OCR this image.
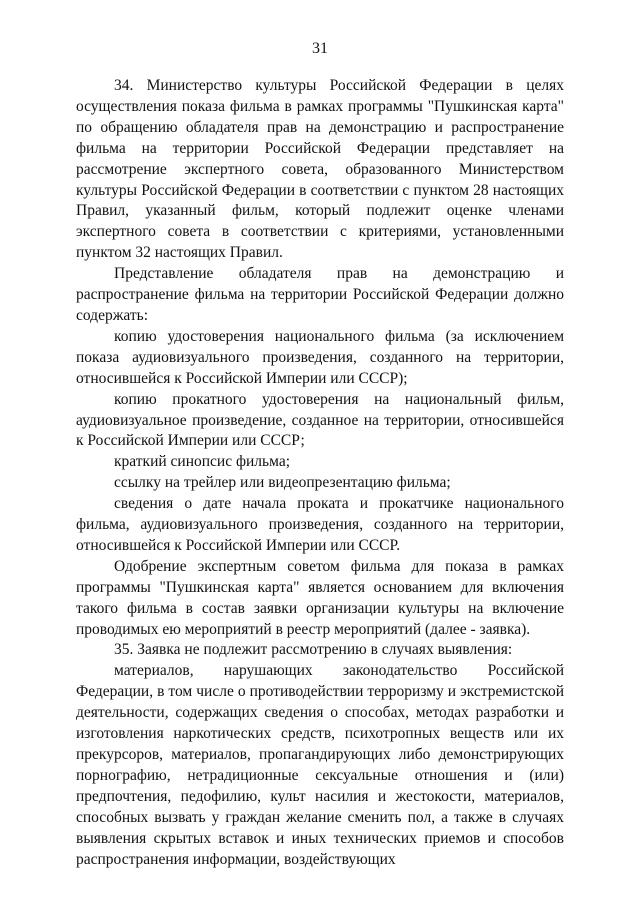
31

34. Министерство культуры Российской Федерации в целях осуществления показа фильма в рамках программы "Пушкинская карта" по обращению обладателя прав на демонстрацию и распространение фильма на территории Российской Федерации представляет на рассмотрение экспертного совета, образованного Министерством культуры Российской Федерации в соответствии с пунктом 28 настоящих Правил, указанный фильм, который подлежит оценке членами экспертного совета в соответствии с критериями, установленными пунктом 32 настоящих Правил.

Представление обладателя прав на демонстрацию и распространение фильма на территории Российской Федерации должно содержать:

копию удостоверения национального фильма (за исключением показа аудиовизуального произведения, созданного на территории, относившейся к Российской Империи или СССР);

копию прокатного удостоверения на национальный фильм, аудиовизуальное произведение, созданное на территории, относившейся к Российской Империи или СССР;

краткий синопсис фильма;

ссылку на трейлер или видеопрезентацию фильма;

сведения о дате начала проката и прокатчике национального фильма, аудиовизуального произведения, созданного на территории, относившейся к Российской Империи или СССР.

Одобрение экспертным советом фильма для показа в рамках программы "Пушкинская карта" является основанием для включения такого фильма в состав заявки организации культуры на включение проводимых ею мероприятий в реестр мероприятий (далее - заявка).

35. Заявка не подлежит рассмотрению в случаях выявления:

материалов, нарушающих законодательство Российской Федерации, в том числе о противодействии терроризму и экстремистской деятельности, содержащих сведения о способах, методах разработки и изготовления наркотических средств, психотропных веществ или их прекурсоров, материалов, пропагандирующих либо демонстрирующих порнографию, нетрадиционные сексуальные отношения и (или) предпочтения, педофилию, культ насилия и жестокости, материалов, способных вызвать у граждан желание сменить пол, а также в случаях выявления скрытых вставок и иных технических приемов и способов распространения информации, воздействующих
